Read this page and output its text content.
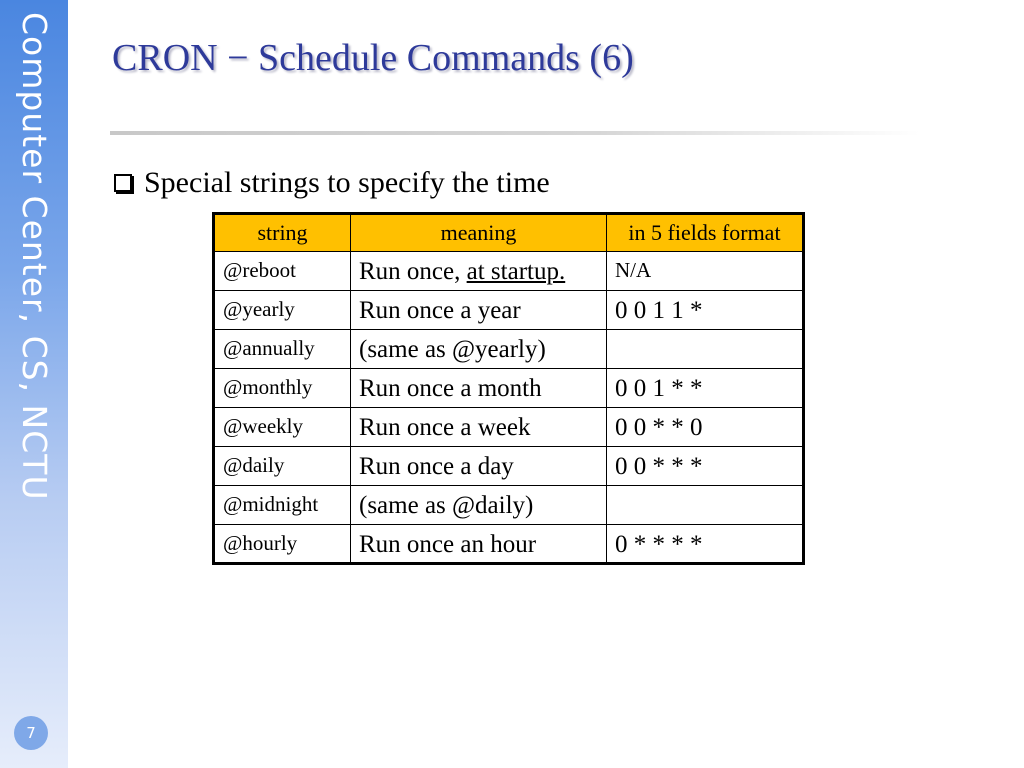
Computer Center, CS, NCTU
7
CRON − Schedule Commands (6)
Special strings to specify the time
string	meaning	in 5 fields format
@reboot	Run once, at startup.	N/A
@yearly	Run once a year	0 0 1 1 *
@annually	(same as @yearly)	
@monthly	Run once a month	0 0 1 * *
@weekly	Run once a week	0 0 * * 0
@daily	Run once a day	0 0 * * *
@midnight	(same as @daily)	
@hourly	Run once an hour	0 * * * *
